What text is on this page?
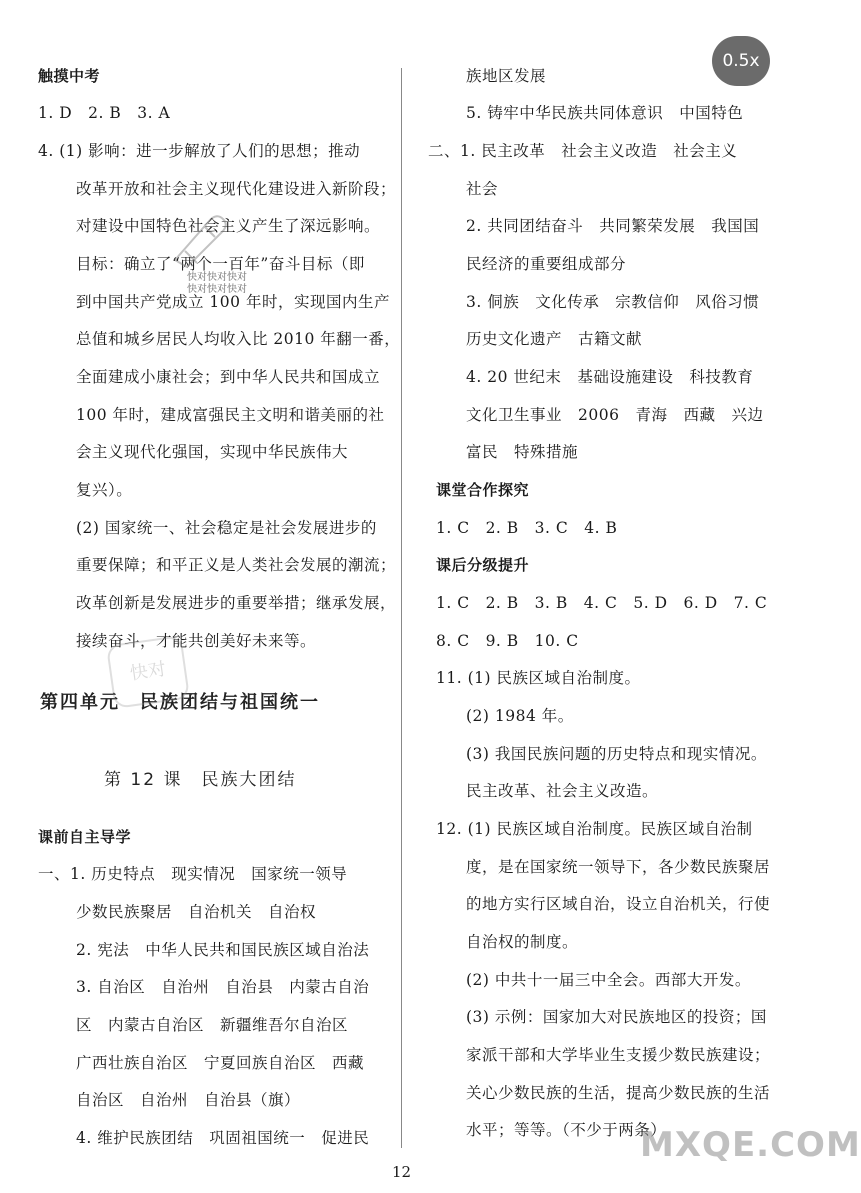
触摸中考
1. D　2. B　3. A
4. (1) 影响：进一步解放了人们的思想；推动
改革开放和社会主义现代化建设进入新阶段；
对建设中国特色社会主义产生了深远影响。
目标：确立了“两个一百年”奋斗目标（即
到中国共产党成立 100 年时，实现国内生产
总值和城乡居民人均收入比 2010 年翻一番，
全面建成小康社会；到中华人民共和国成立
100 年时，建成富强民主文明和谐美丽的社
会主义现代化强国，实现中华民族伟大
复兴）。
(2) 国家统一、社会稳定是社会发展进步的
重要保障；和平正义是人类社会发展的潮流；
改革创新是发展进步的重要举措；继承发展，
接续奋斗，才能共创美好未来等。
第四单元　民族团结与祖国统一
第 12 课　民族大团结
课前自主导学
一、1. 历史特点　现实情况　国家统一领导
少数民族聚居　自治机关　自治权
2. 宪法　中华人民共和国民族区域自治法
3. 自治区　自治州　自治县　内蒙古自治
区　内蒙古自治区　新疆维吾尔自治区
广西壮族自治区　宁夏回族自治区　西藏
自治区　自治州　自治县（旗）
4. 维护民族团结　巩固祖国统一　促进民
族地区发展
5. 铸牢中华民族共同体意识　中国特色
二、1. 民主改革　社会主义改造　社会主义
社会
2. 共同团结奋斗　共同繁荣发展　我国国
民经济的重要组成部分
3. 侗族　文化传承　宗教信仰　风俗习惯
历史文化遗产　古籍文献
4. 20 世纪末　基础设施建设　科技教育
文化卫生事业　2006　青海　西藏　兴边
富民　特殊措施
课堂合作探究
1. C　2. B　3. C　4. B
课后分级提升
1. C　2. B　3. B　4. C　5. D　6. D　7. C
8. C　9. B　10. C
11. (1) 民族区域自治制度。
(2) 1984 年。
(3) 我国民族问题的历史特点和现实情况。
民主改革、社会主义改造。
12. (1) 民族区域自治制度。民族区域自治制
度，是在国家统一领导下，各少数民族聚居
的地方实行区域自治，设立自治机关，行使
自治权的制度。
(2) 中共十一届三中全会。西部大开发。
(3) 示例：国家加大对民族地区的投资；国
家派干部和大学毕业生支援少数民族建设；
关心少数民族的生活，提高少数民族的生活
水平；等等。（不少于两条）
快对快对快对
快对快对快对
快对
0.5x
12
MXQE.COM
